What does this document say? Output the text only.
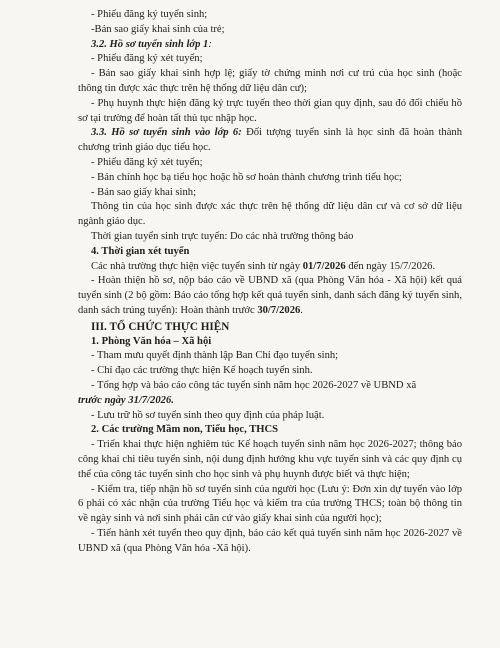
- Phiếu đăng ký tuyển sinh;
-Bản sao giấy khai sinh của trẻ;
3.2. Hồ sơ tuyển sinh lớp 1:
- Phiếu đăng ký xét tuyển;

- Bản sao giấy khai sinh hợp lệ; giấy tờ chứng minh nơi cư trú của học sinh (hoặc thông tin được xác thực trên hệ thống dữ liệu dân cư);

- Phụ huynh thực hiện đăng ký trực tuyến theo thời gian quy định, sau đó đối chiếu hồ sơ tại trường để hoàn tất thủ tục nhập học.

3.3. Hồ sơ tuyển sinh vào lớp 6: Đối tượng tuyển sinh là học sinh đã hoàn thành chương trình giáo dục tiểu học.

- Phiếu đăng ký xét tuyển;
- Bản chính học bạ tiểu học hoặc hồ sơ hoàn thành chương trình tiểu học;
- Bản sao giấy khai sinh;

Thông tin của học sinh được xác thực trên hệ thống dữ liệu dân cư và cơ sở dữ liệu ngành giáo dục.

Thời gian tuyển sinh trực tuyến: Do các nhà trường thông báo
4. Thời gian xét tuyển

Các nhà trường thực hiện việc tuyển sinh từ ngày 01/7/2026 đến ngày 15/7/2026.

- Hoàn thiện hồ sơ, nộp báo cáo về UBND xã (qua Phòng Văn hóa - Xã hội) kết quả tuyển sinh (2 bộ gồm: Báo cáo tổng hợp kết quả tuyển sinh, danh sách đăng ký tuyển sinh, danh sách trúng tuyển): Hoàn thành trước 30/7/2026.

III. TỔ CHỨC THỰC HIỆN
1. Phòng Văn hóa – Xã hội
- Tham mưu quyết định thành lập Ban Chỉ đạo tuyển sinh;
- Chỉ đạo các trường thực hiện Kế hoạch tuyển sinh.
- Tổng hợp và báo cáo công tác tuyển sinh năm học 2026-2027 về UBND xã
trước ngày 31/7/2026.
- Lưu trữ hồ sơ tuyển sinh theo quy định của pháp luật.
2. Các trường Mầm non, Tiểu học, THCS

- Triển khai thực hiện nghiêm túc Kế hoạch tuyển sinh năm học 2026-2027; thông báo công khai chi tiêu tuyển sinh, nội dung định hướng khu vực tuyển sinh và các quy định cụ thể của công tác tuyển sinh cho học sinh và phụ huynh được biết và thực hiện;

- Kiểm tra, tiếp nhận hồ sơ tuyển sinh của người học (Lưu ý: Đơn xin dự tuyển vào lớp 6 phải có xác nhận của trường Tiểu học và kiểm tra của trường THCS; toàn bộ thông tin về ngày sinh và nơi sinh phải căn cứ vào giấy khai sinh của người học);

- Tiến hành xét tuyển theo quy định, báo cáo kết quả tuyển sinh năm học 2026-2027 về UBND xã (qua Phòng Văn hóa -Xã hội).
